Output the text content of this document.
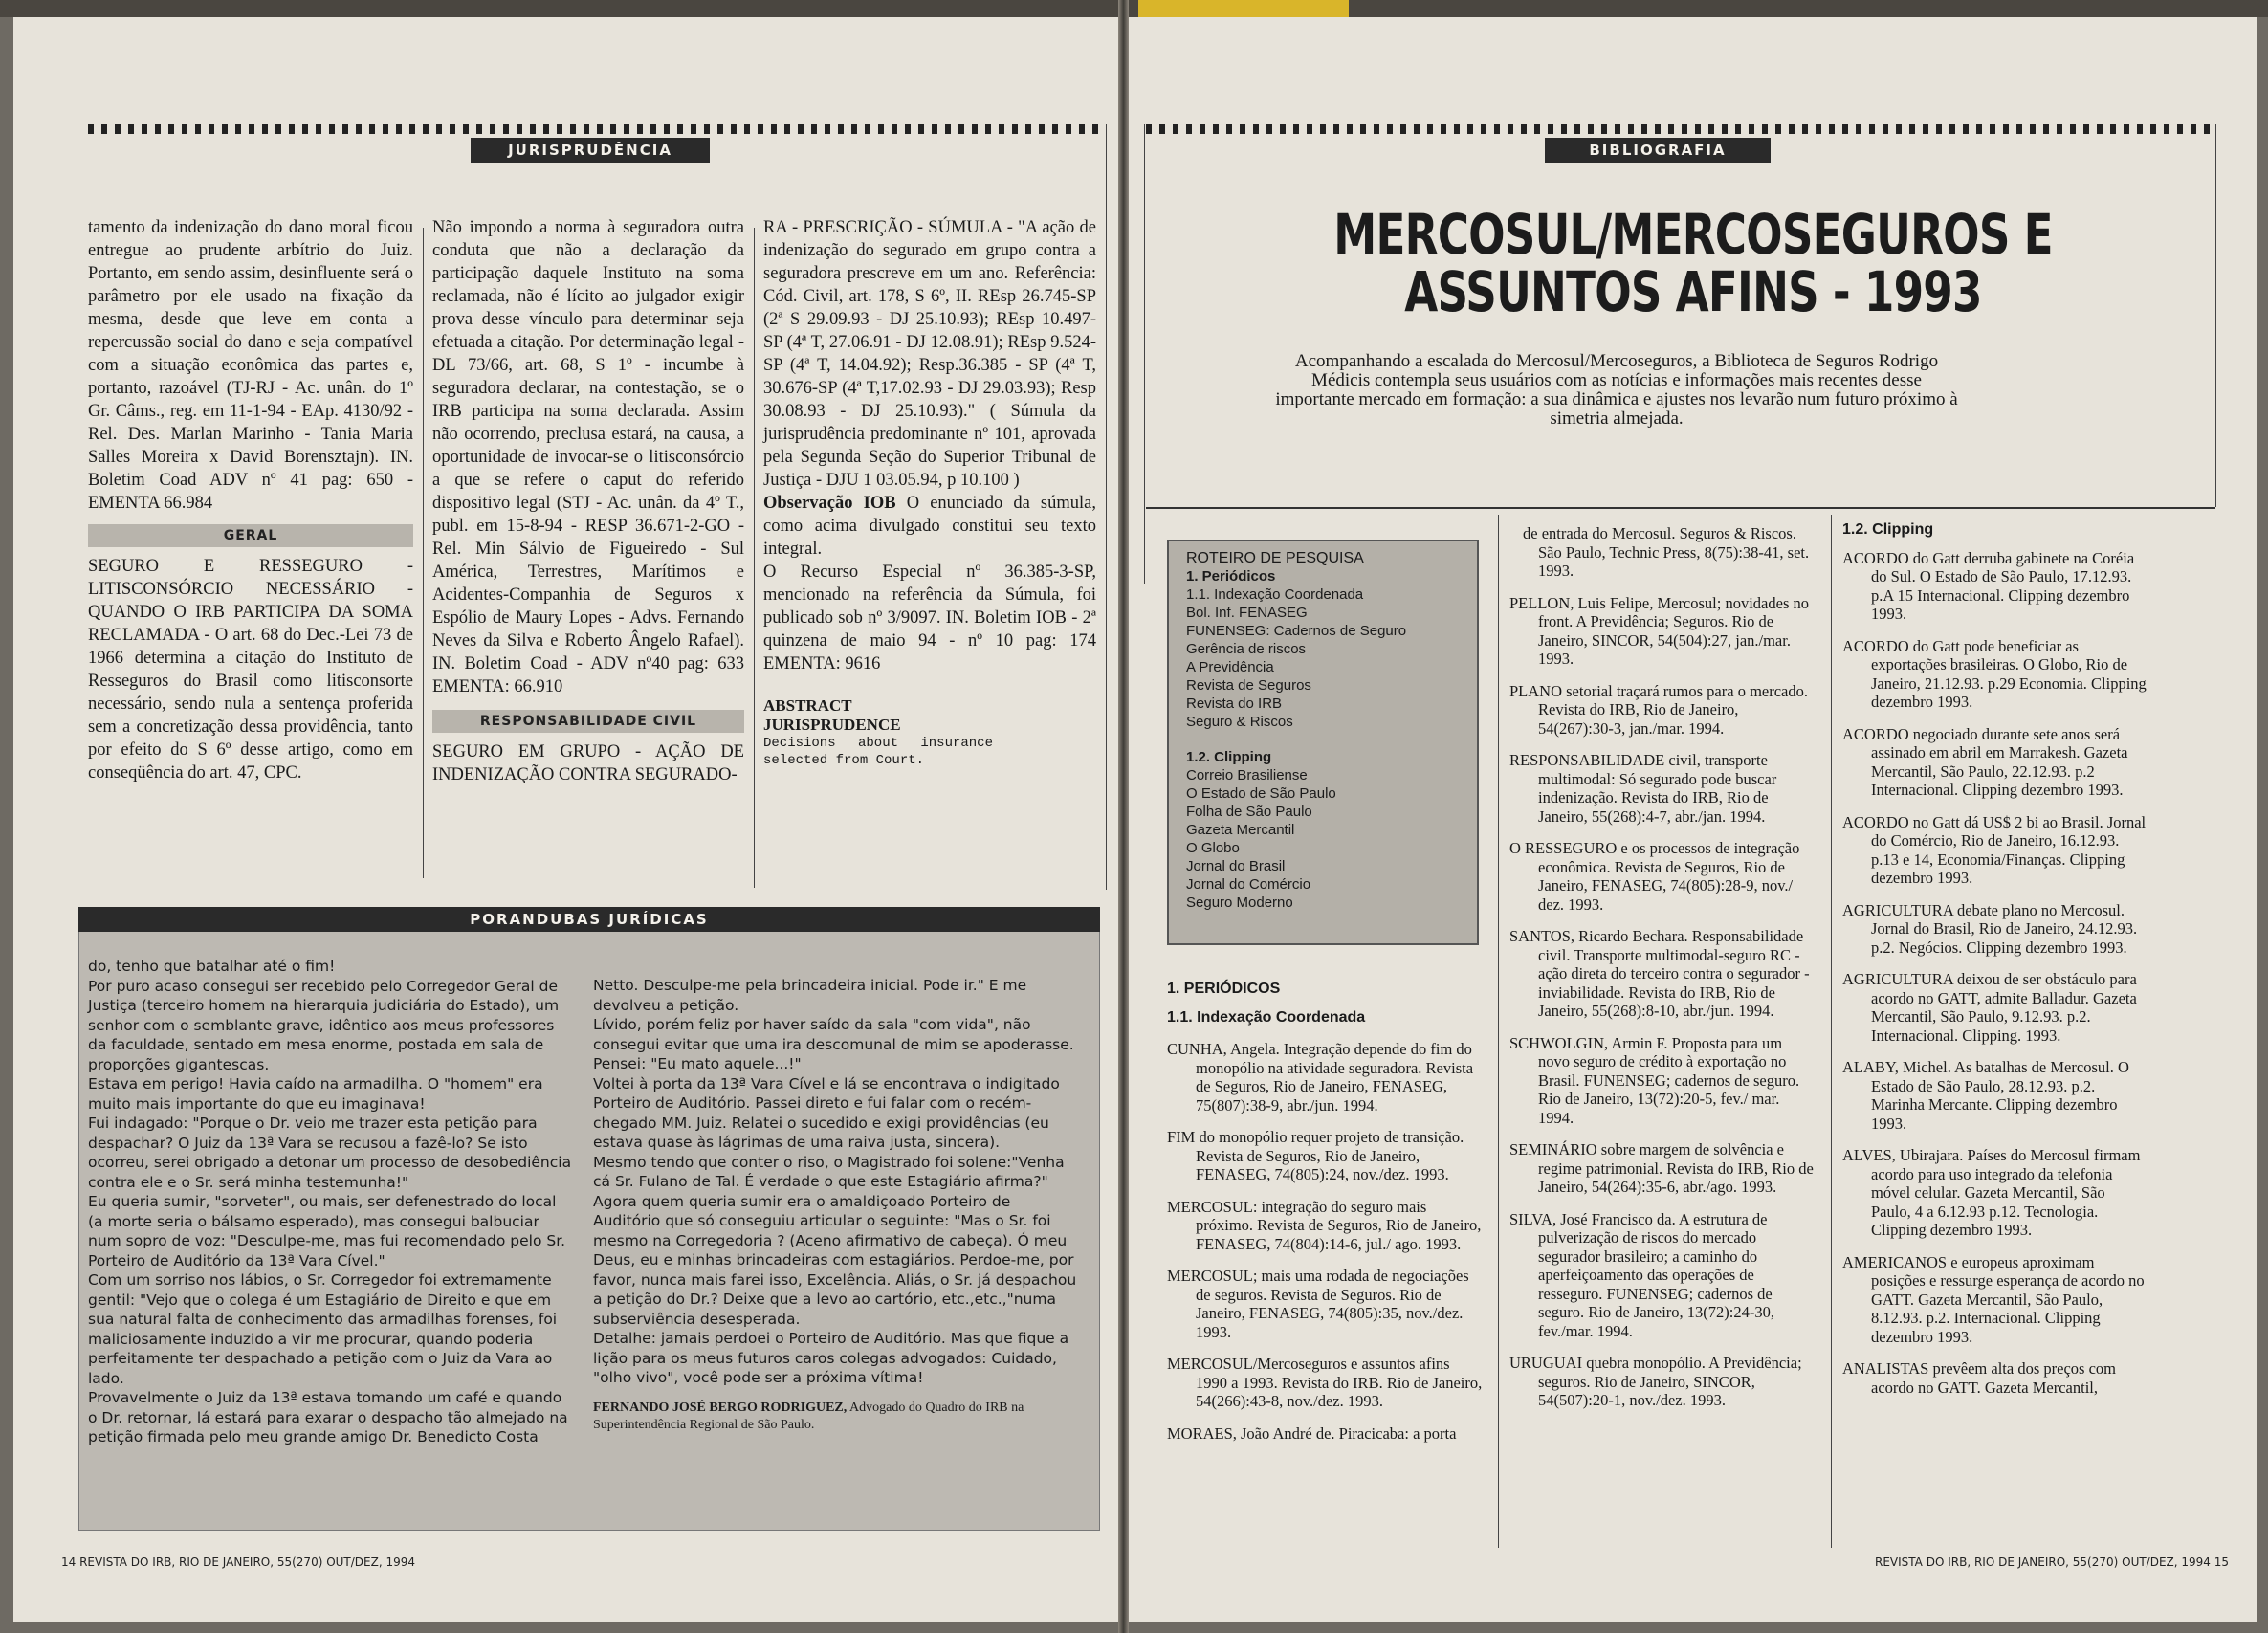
JURISPRUDÊNCIA

tamento da indenização do dano moral ficou entregue ao prudente arbítrio do Juiz. Portanto, em sendo assim, desinfluente será o parâmetro por ele usado na fixação da mesma, desde que leve em conta a repercussão social do dano e seja compatível com a situação econômica das partes e, portanto, razoável (TJ-RJ - Ac. unân. do 1º Gr. Câms., reg. em 11-1-94 - EAp. 4130/92 - Rel. Des. Marlan Marinho - Tania Maria Salles Moreira x David Borensztajn). IN. Boletim Coad ADV nº 41 pag: 650 - EMENTA 66.984

GERAL

SEGURO E RESSEGURO - LITISCONSÓRCIO NECESSÁRIO - QUANDO O IRB PARTICIPA DA SOMA RECLAMADA - O art. 68 do Dec.-Lei 73 de 1966 determina a citação do Instituto de Resseguros do Brasil como litisconsorte necessário, sendo nula a sentença proferida sem a concretização dessa providência, tanto por efeito do S 6º desse artigo, como em conseqüência do art. 47, CPC.

Não impondo a norma à seguradora outra conduta que não a declaração da participação daquele Instituto na soma reclamada, não é lícito ao julgador exigir prova desse vínculo para determinar seja efetuada a citação. Por determinação legal - DL 73/66, art. 68, S 1º - incumbe à seguradora declarar, na contestação, se o IRB participa na soma declarada. Assim não ocorrendo, preclusa estará, na causa, a oportunidade de invocar-se o litisconsórcio a que se refere o caput do referido dispositivo legal (STJ - Ac. unân. da 4º T., publ. em 15-8-94 - RESP 36.671-2-GO - Rel. Min Sálvio de Figueiredo - Sul América, Terrestres, Marítimos e Acidentes-Companhia de Seguros x Espólio de Maury Lopes - Advs. Fernando Neves da Silva e Roberto Ângelo Rafael). IN. Boletim Coad - ADV nº40 pag: 633 EMENTA: 66.910

RESPONSABILIDADE CIVIL

SEGURO EM GRUPO - AÇÃO DE INDENIZAÇÃO CONTRA SEGURADO-

RA - PRESCRIÇÃO - SÚMULA - "A ação de indenização do segurado em grupo contra a seguradora prescreve em um ano. Referência: Cód. Civil, art. 178, S 6º, II. REsp 26.745-SP (2ª S 29.09.93 - DJ 25.10.93); REsp 10.497-SP (4ª T, 27.06.91 - DJ 12.08.91); REsp 9.524-SP (4ª T, 14.04.92); Resp.36.385 - SP (4ª T, 30.676-SP (4ª T,17.02.93 - DJ 29.03.93); Resp 30.08.93 - DJ 25.10.93)." ( Súmula da jurisprudência predominante nº 101, aprovada pela Segunda Seção do Superior Tribunal de Justiça - DJU 1 03.05.94, p 10.100 )

Observação IOB O enunciado da súmula, como acima divulgado constitui seu texto integral.

O Recurso Especial nº 36.385-3-SP, mencionado na referência da Súmula, foi publicado sob nº 3/9097. IN. Boletim IOB - 2ª quinzena de maio 94 - nº 10 pag: 174 EMENTA: 9616

ABSTRACT JURISPRUDENCE
Decisions about insurance selected from Court.
PORANDUBAS JURÍDICAS

do, tenho que batalhar até o fim!

Por puro acaso consegui ser recebido pelo Corregedor Geral de Justiça (terceiro homem na hierarquia judiciária do Estado), um senhor com o semblante grave, idêntico aos meus professores da faculdade, sentado em mesa enorme, postada em sala de proporções gigantescas.

Estava em perigo! Havia caído na armadilha. O "homem" era muito mais importante do que eu imaginava!

Fui indagado: "Porque o Dr. veio me trazer esta petição para despachar? O Juiz da 13ª Vara se recusou a fazê-lo? Se isto ocorreu, serei obrigado a detonar um processo de desobediência contra ele e o Sr. será minha testemunha!"

Eu queria sumir, "sorveter", ou mais, ser defenestrado do local (a morte seria o bálsamo esperado), mas consegui balbuciar num sopro de voz: "Desculpe-me, mas fui recomendado pelo Sr. Porteiro de Auditório da 13ª Vara Cível."

Com um sorriso nos lábios, o Sr. Corregedor foi extremamente gentil: "Vejo que o colega é um Estagiário de Direito e que em sua natural falta de conhecimento das armadilhas forenses, foi maliciosamente induzido a vir me procurar, quando poderia perfeitamente ter despachado a petição com o Juiz da Vara ao lado.

Provavelmente o Juiz da 13ª estava tomando um café e quando o Dr. retornar, lá estará para exarar o despacho tão almejado na petição firmada pelo meu grande amigo Dr. Benedicto Costa

Netto. Desculpe-me pela brincadeira inicial. Pode ir." E me devolveu a petição.

Lívido, porém feliz por haver saído da sala "com vida", não consegui evitar que uma ira descomunal de mim se apoderasse. Pensei: "Eu mato aquele...!"

Voltei à porta da 13ª Vara Cível e lá se encontrava o indigitado Porteiro de Auditório. Passei direto e fui falar com o recém-chegado MM. Juiz. Relatei o sucedido e exigi providências (eu estava quase às lágrimas de uma raiva justa, sincera).

Mesmo tendo que conter o riso, o Magistrado foi solene:"Venha cá Sr. Fulano de Tal. É verdade o que este Estagiário afirma?"

Agora quem queria sumir era o amaldiçoado Porteiro de Auditório que só conseguiu articular o seguinte: "Mas o Sr. foi mesmo na Corregedoria ? (Aceno afirmativo de cabeça). Ó meu Deus, eu e minhas brincadeiras com estagiários. Perdoe-me, por favor, nunca mais farei isso, Excelência. Aliás, o Sr. já despachou a petição do Dr.? Deixe que a levo ao cartório, etc.,etc.,"numa subserviência desesperada.

Detalhe: jamais perdoei o Porteiro de Auditório. Mas que fique a lição para os meus futuros caros colegas advogados: Cuidado, "olho vivo", você pode ser a próxima vítima!

FERNANDO JOSÉ BERGO RODRIGUEZ, Advogado do Quadro do IRB na Superintendência Regional de São Paulo.

14 REVISTA DO IRB, RIO DE JANEIRO, 55(270) OUT/DEZ, 1994
BIBLIOGRAFIA
MERCOSUL/MERCOSEGUROS E
ASSUNTOS AFINS - 1993
Acompanhando a escalada do Mercosul/Mercoseguros, a Biblioteca de Seguros Rodrigo Médicis contempla seus usuários com as notícias e informações mais recentes desse importante mercado em formação: a sua dinâmica e ajustes nos levarão num futuro próximo à simetria almejada.
ROTEIRO DE PESQUISA
1. Periódicos
1.1. Indexação Coordenada
Bol. Inf. FENASEG
FUNENSEG: Cadernos de Seguro
Gerência de riscos
A Previdência
Revista de Seguros
Revista do IRB
Seguro & Riscos
1.2. Clipping
Correio Brasiliense
O Estado de São Paulo
Folha de São Paulo
Gazeta Mercantil
O Globo
Jornal do Brasil
Jornal do Comércio
Seguro Moderno
1. PERIÓDICOS
1.1. Indexação Coordenada
CUNHA, Angela. Integração depende do fim do monopólio na atividade seguradora. Revista de Seguros, Rio de Janeiro, FENASEG, 75(807):38-9, abr./jun. 1994.
FIM do monopólio requer projeto de transição. Revista de Seguros, Rio de Janeiro, FENASEG, 74(805):24, nov./dez. 1993.
MERCOSUL: integração do seguro mais próximo. Revista de Seguros, Rio de Janeiro, FENASEG, 74(804):14-6, jul./ ago. 1993.
MERCOSUL; mais uma rodada de negociações de seguros. Revista de Seguros. Rio de Janeiro, FENASEG, 74(805):35, nov./dez. 1993.
MERCOSUL/Mercoseguros e assuntos afins 1990 a 1993. Revista do IRB. Rio de Janeiro, 54(266):43-8, nov./dez. 1993.
MORAES, João André de. Piracicaba: a porta
de entrada do Mercosul. Seguros & Riscos. São Paulo, Technic Press, 8(75):38-41, set. 1993.
PELLON, Luis Felipe, Mercosul; novidades no front. A Previdência; Seguros. Rio de Janeiro, SINCOR, 54(504):27, jan./mar. 1993.
PLANO setorial traçará rumos para o mercado. Revista do IRB, Rio de Janeiro, 54(267):30-3, jan./mar. 1994.
RESPONSABILIDADE civil, transporte multimodal: Só segurado pode buscar indenização. Revista do IRB, Rio de Janeiro, 55(268):4-7, abr./jan. 1994.
O RESSEGURO e os processos de integração econômica. Revista de Seguros, Rio de Janeiro, FENASEG, 74(805):28-9, nov./ dez. 1993.
SANTOS, Ricardo Bechara. Responsabilidade civil. Transporte multimodal-seguro RC - ação direta do terceiro contra o segurador - inviabilidade. Revista do IRB, Rio de Janeiro, 55(268):8-10, abr./jun. 1994.
SCHWOLGIN, Armin F. Proposta para um novo seguro de crédito à exportação no Brasil. FUNENSEG; cadernos de seguro. Rio de Janeiro, 13(72):20-5, fev./ mar. 1994.
SEMINÁRIO sobre margem de solvência e regime patrimonial. Revista do IRB, Rio de Janeiro, 54(264):35-6, abr./ago. 1993.
SILVA, José Francisco da. A estrutura de pulverização de riscos do mercado segurador brasileiro; a caminho do aperfeiçoamento das operações de resseguro. FUNENSEG; cadernos de seguro. Rio de Janeiro, 13(72):24-30, fev./mar. 1994.
URUGUAI quebra monopólio. A Previdência; seguros. Rio de Janeiro, SINCOR, 54(507):20-1, nov./dez. 1993.
1.2. Clipping
ACORDO do Gatt derruba gabinete na Coréia do Sul. O Estado de São Paulo, 17.12.93. p.A 15 Internacional. Clipping dezembro 1993.
ACORDO do Gatt pode beneficiar as exportações brasileiras. O Globo, Rio de Janeiro, 21.12.93. p.29 Economia. Clipping dezembro 1993.
ACORDO negociado durante sete anos será assinado em abril em Marrakesh. Gazeta Mercantil, São Paulo, 22.12.93. p.2 Internacional. Clipping dezembro 1993.
ACORDO no Gatt dá US$ 2 bi ao Brasil. Jornal do Comércio, Rio de Janeiro, 16.12.93. p.13 e 14, Economia/Finanças. Clipping dezembro 1993.
AGRICULTURA debate plano no Mercosul. Jornal do Brasil, Rio de Janeiro, 24.12.93. p.2. Negócios. Clipping dezembro 1993.
AGRICULTURA deixou de ser obstáculo para acordo no GATT, admite Balladur. Gazeta Mercantil, São Paulo, 9.12.93. p.2. Internacional. Clipping. 1993.
ALABY, Michel. As batalhas de Mercosul. O Estado de São Paulo, 28.12.93. p.2. Marinha Mercante. Clipping dezembro 1993.
ALVES, Ubirajara. Países do Mercosul firmam acordo para uso integrado da telefonia móvel celular. Gazeta Mercantil, São Paulo, 4 a 6.12.93 p.12. Tecnologia. Clipping dezembro 1993.
AMERICANOS e europeus aproximam posições e ressurge esperança de acordo no GATT. Gazeta Mercantil, São Paulo, 8.12.93. p.2. Internacional. Clipping dezembro 1993.
ANALISTAS prevêem alta dos preços com acordo no GATT. Gazeta Mercantil,
REVISTA DO IRB, RIO DE JANEIRO, 55(270) OUT/DEZ, 1994 15
